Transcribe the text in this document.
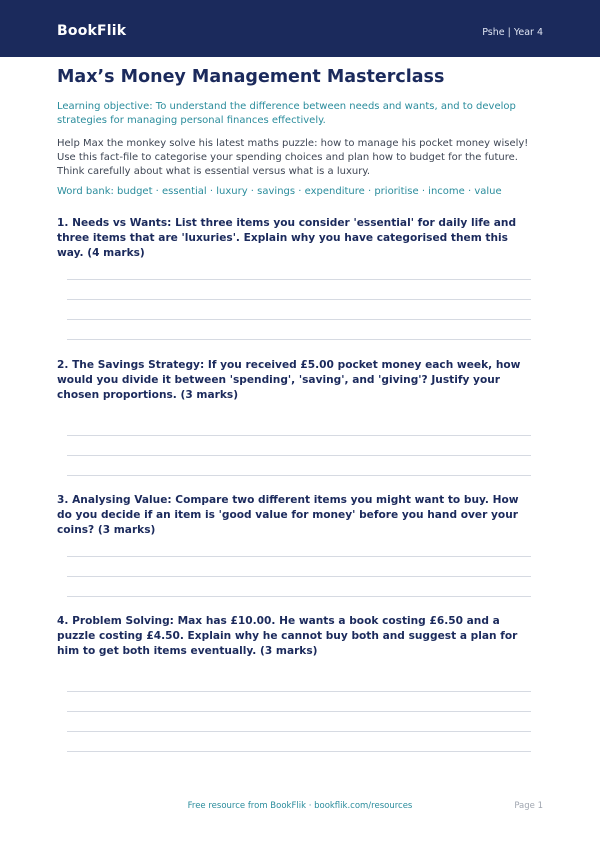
BookFlik	Pshe | Year 4
Max’s Money Management Masterclass
Learning objective: To understand the difference between needs and wants, and to develop strategies for managing personal finances effectively.
Help Max the monkey solve his latest maths puzzle: how to manage his pocket money wisely! Use this fact-file to categorise your spending choices and plan how to budget for the future. Think carefully about what is essential versus what is a luxury.
Word bank: budget · essential · luxury · savings · expenditure · prioritise · income · value
1. Needs vs Wants: List three items you consider 'essential' for daily life and three items that are 'luxuries'. Explain why you have categorised them this way. (4 marks)
2. The Savings Strategy: If you received £5.00 pocket money each week, how would you divide it between 'spending', 'saving', and 'giving'? Justify your chosen proportions. (3 marks)
3. Analysing Value: Compare two different items you might want to buy. How do you decide if an item is 'good value for money' before you hand over your coins? (3 marks)
4. Problem Solving: Max has £10.00. He wants a book costing £6.50 and a puzzle costing £4.50. Explain why he cannot buy both and suggest a plan for him to get both items eventually. (3 marks)
Free resource from BookFlik · bookflik.com/resources	Page 1
